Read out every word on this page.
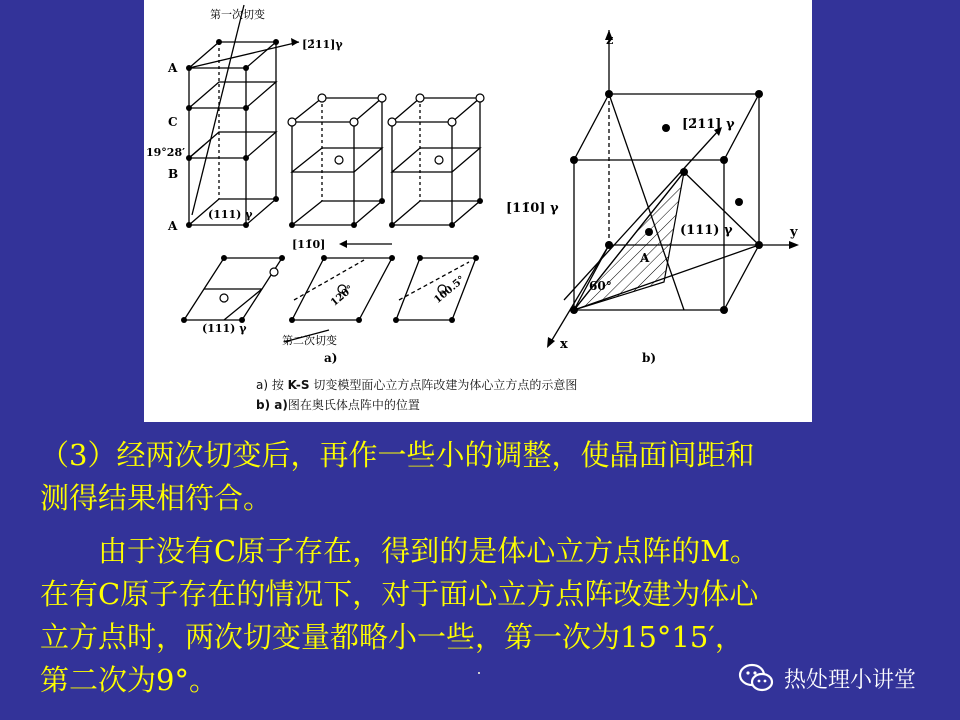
第一次切变
[2̄11]γ
A
C
19°28′
B
A
(111) γ
[11̄0]
120°	100.5°
(111) γ
第二次切变
a)
z
y
x
[2̄11] γ
[11̄0] γ
(111) γ
A
60°
b)
a) 按 K-S 切变模型面心立方点阵改建为体心立方点的示意图
b) a)图在奥氏体点阵中的位置
（3）经两次切变后，再作一些小的调整，使晶面间距和
测得结果相符合。
　　由于没有C原子存在，得到的是体心立方点阵的M。
在有C原子存在的情况下，对于面心立方点阵改建为体心
立方点时，两次切变量都略小一些，第一次为15°15′，
第二次为9°。	热处理小讲堂
